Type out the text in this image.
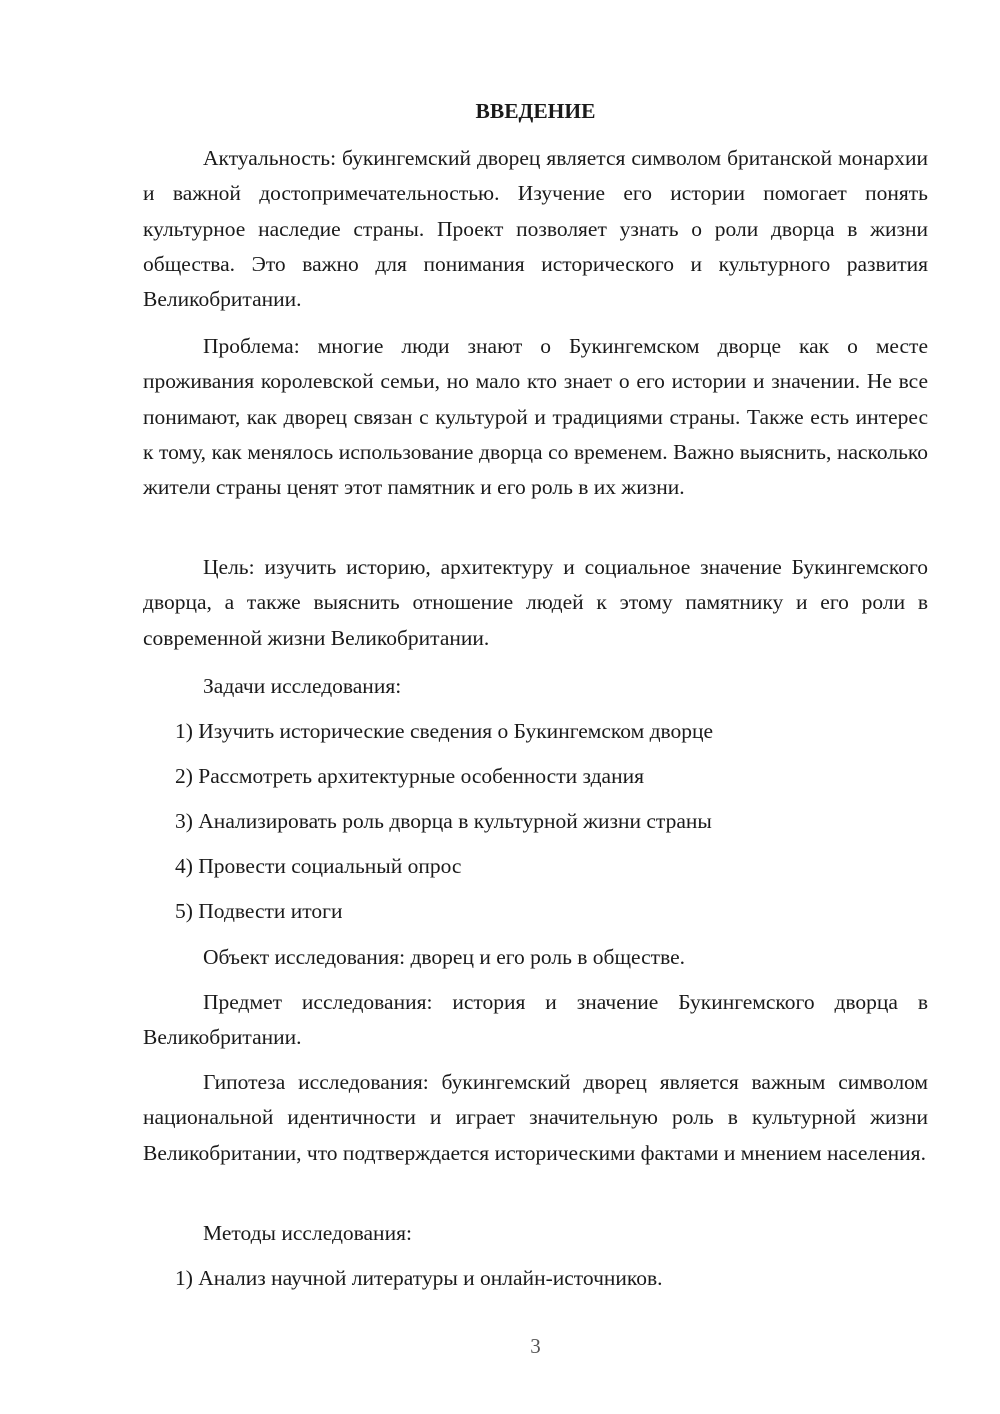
ВВЕДЕНИЕ

Актуальность: букингемский дворец является символом британской монархии и важной достопримечательностью. Изучение его истории помогает понять культурное наследие страны. Проект позволяет узнать о роли дворца в жизни общества. Это важно для понимания исторического и культурного развития Великобритании.

Проблема: многие люди знают о Букингемском дворце как о месте проживания королевской семьи, но мало кто знает о его истории и значении. Не все понимают, как дворец связан с культурой и традициями страны. Также есть интерес к тому, как менялось использование дворца со временем. Важно выяснить, насколько жители страны ценят этот памятник и его роль в их жизни.

Цель: изучить историю, архитектуру и социальное значение Букингемского дворца, а также выяснить отношение людей к этому памятнику и его роли в современной жизни Великобритании.

Задачи исследования:
1) Изучить исторические сведения о Букингемском дворце
2) Рассмотреть архитектурные особенности здания
3) Анализировать роль дворца в культурной жизни страны
4) Провести социальный опрос
5) Подвести итоги
Объект исследования: дворец и его роль в обществе.

Предмет исследования: история и значение Букингемского дворца в Великобритании.

Гипотеза исследования: букингемский дворец является важным символом национальной идентичности и играет значительную роль в культурной жизни Великобритании, что подтверждается историческими фактами и мнением населения.

Методы исследования:
1) Анализ научной литературы и онлайн-источников.
3
